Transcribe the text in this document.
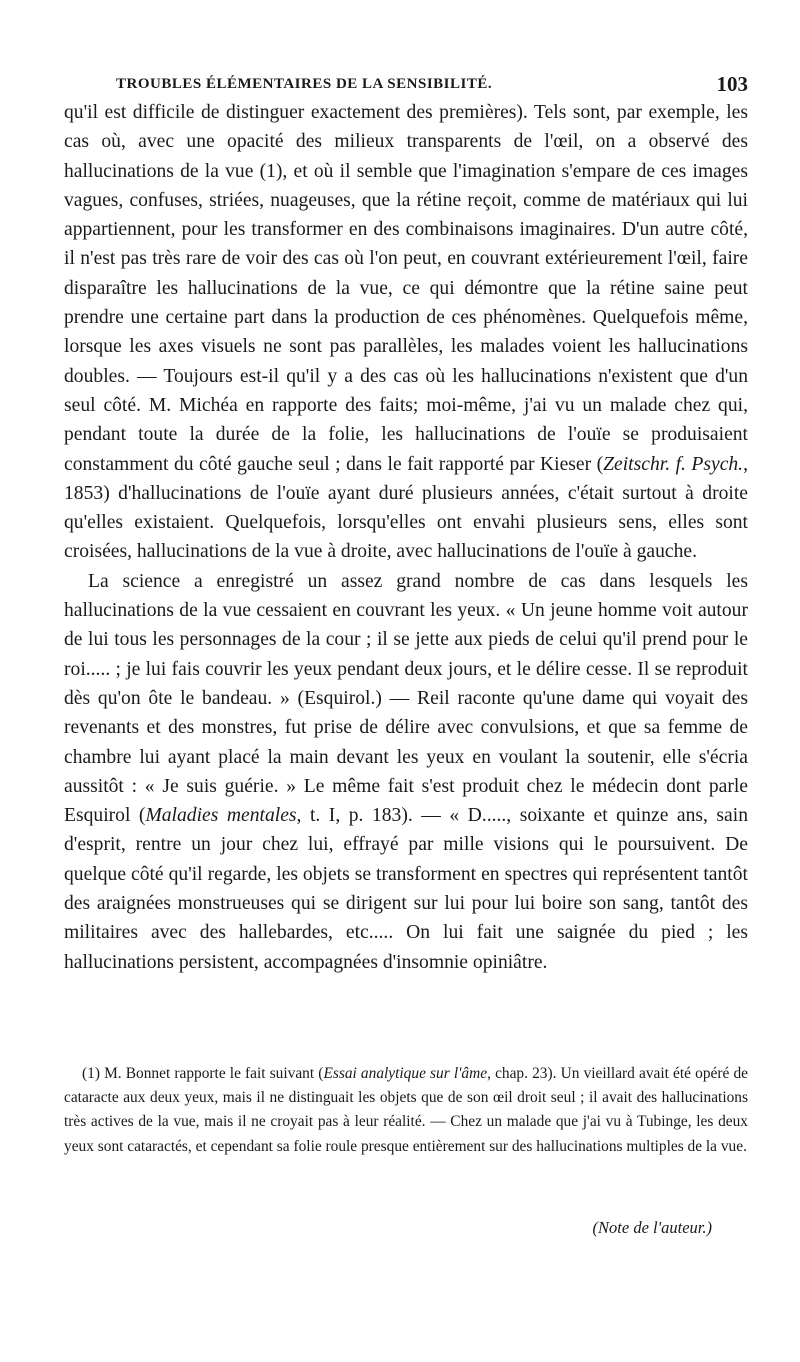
TROUBLES ÉLÉMENTAIRES DE LA SENSIBILITÉ.	103

qu'il est difficile de distinguer exactement des premières). Tels sont, par exemple, les cas où, avec une opacité des milieux transparents de l'œil, on a observé des hallucinations de la vue (1), et où il semble que l'imagination s'empare de ces images vagues, confuses, striées, nuageuses, que la rétine reçoit, comme de matériaux qui lui appartiennent, pour les transformer en des combinaisons imaginaires. D'un autre côté, il n'est pas très rare de voir des cas où l'on peut, en couvrant extérieurement l'œil, faire disparaître les hallucinations de la vue, ce qui démontre que la rétine saine peut prendre une certaine part dans la production de ces phénomènes. Quelquefois même, lorsque les axes visuels ne sont pas parallèles, les malades voient les hallucinations doubles. — Toujours est-il qu'il y a des cas où les hallucinations n'existent que d'un seul côté. M. Michéa en rapporte des faits; moi-même, j'ai vu un malade chez qui, pendant toute la durée de la folie, les hallucinations de l'ouïe se produisaient constamment du côté gauche seul ; dans le fait rapporté par Kieser (Zeitschr. f. Psych., 1853) d'hallucinations de l'ouïe ayant duré plusieurs années, c'était surtout à droite qu'elles existaient. Quelquefois, lorsqu'elles ont envahi plusieurs sens, elles sont croisées, hallucinations de la vue à droite, avec hallucinations de l'ouïe à gauche.

La science a enregistré un assez grand nombre de cas dans lesquels les hallucinations de la vue cessaient en couvrant les yeux. « Un jeune homme voit autour de lui tous les personnages de la cour ; il se jette aux pieds de celui qu'il prend pour le roi..... ; je lui fais couvrir les yeux pendant deux jours, et le délire cesse. Il se reproduit dès qu'on ôte le bandeau. » (Esquirol.) — Reil raconte qu'une dame qui voyait des revenants et des monstres, fut prise de délire avec convulsions, et que sa femme de chambre lui ayant placé la main devant les yeux en voulant la soutenir, elle s'écria aussitôt : « Je suis guérie. » Le même fait s'est produit chez le médecin dont parle Esquirol (Maladies mentales, t. I, p. 183). — « D....., soixante et quinze ans, sain d'esprit, rentre un jour chez lui, effrayé par mille visions qui le poursuivent. De quelque côté qu'il regarde, les objets se transforment en spectres qui représentent tantôt des araignées monstrueuses qui se dirigent sur lui pour lui boire son sang, tantôt des militaires avec des hallebardes, etc..... On lui fait une saignée du pied ; les hallucinations persistent, accompagnées d'insomnie opiniâtre.

(1) M. Bonnet rapporte le fait suivant (Essai analytique sur l'âme, chap. 23). Un vieillard avait été opéré de cataracte aux deux yeux, mais il ne distinguait les objets que de son œil droit seul ; il avait des hallucinations très actives de la vue, mais il ne croyait pas à leur réalité. — Chez un malade que j'ai vu à Tubinge, les deux yeux sont cataractés, et cependant sa folie roule presque entièrement sur des hallucinations multiples de la vue.

(Note de l'auteur.)
